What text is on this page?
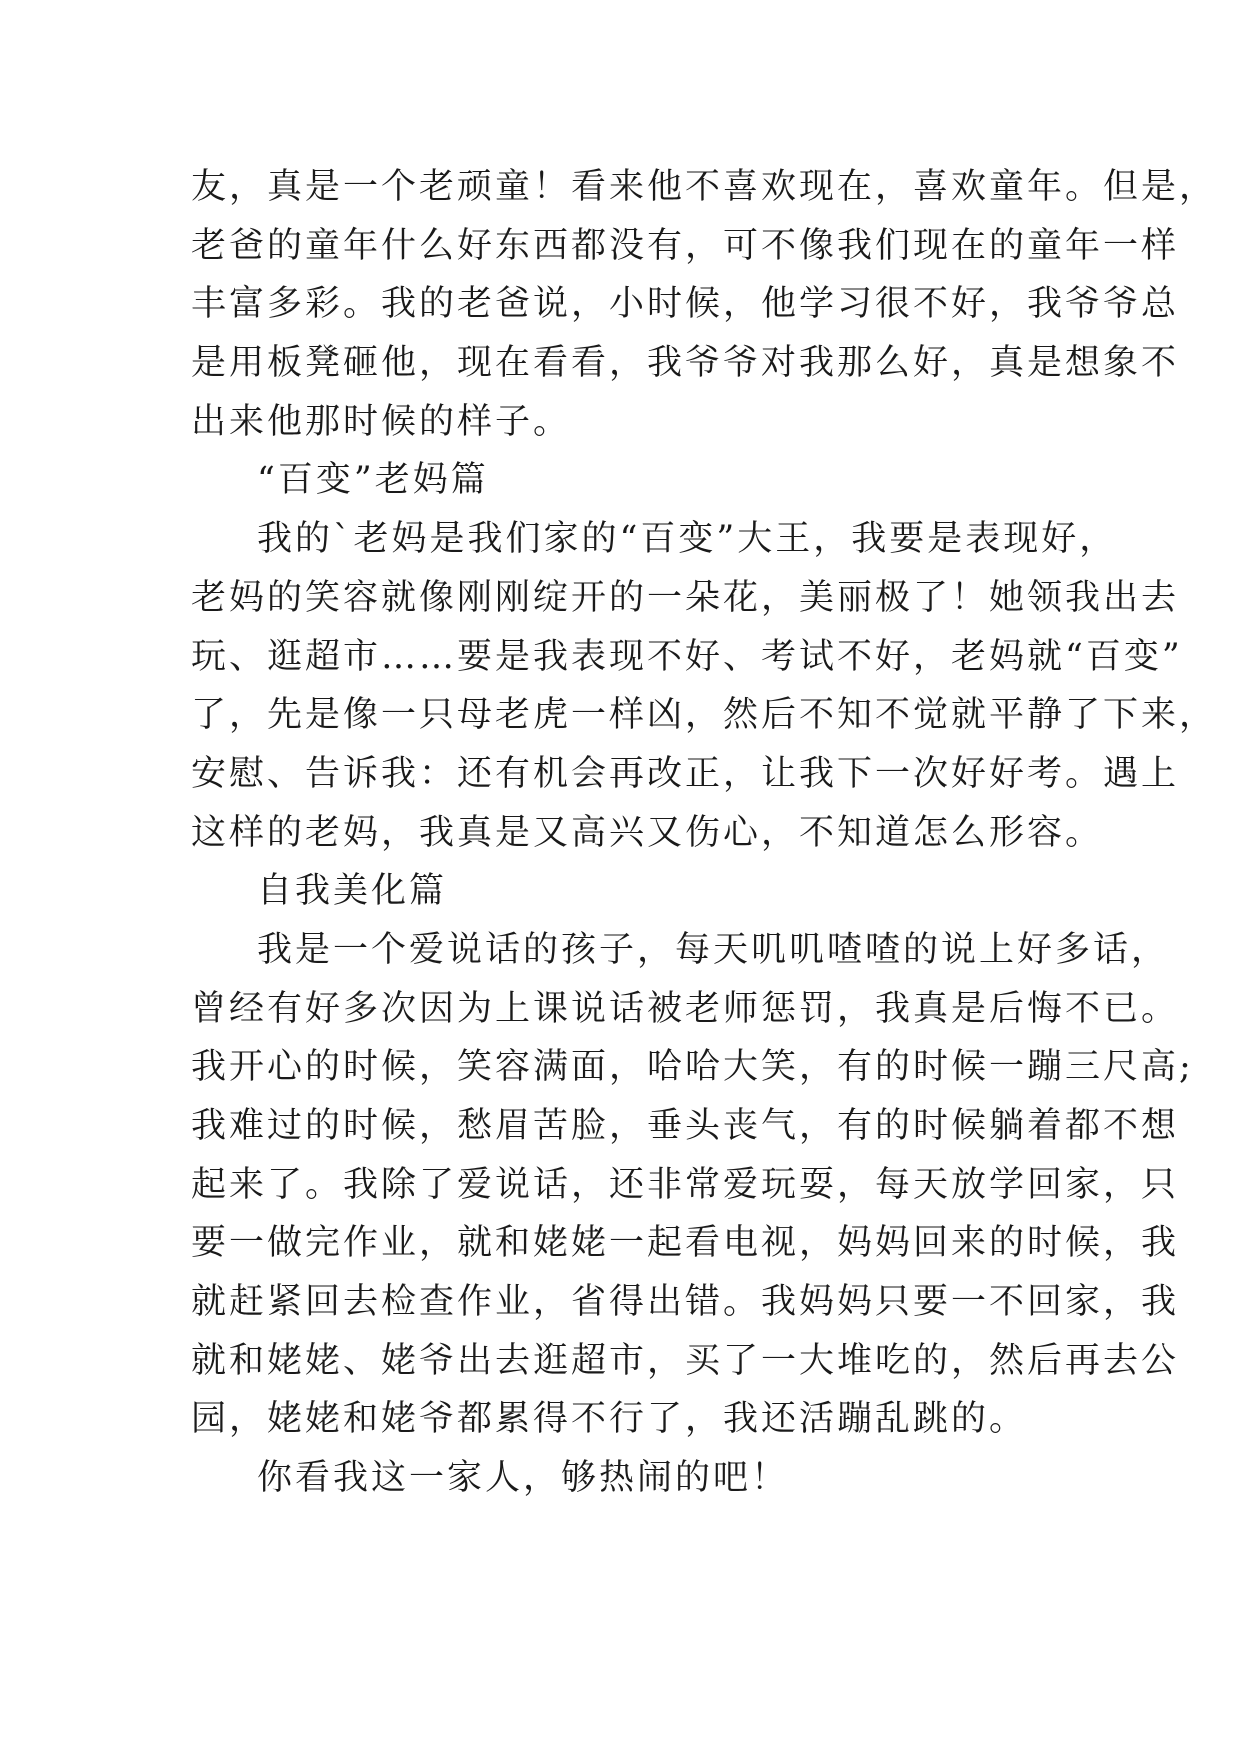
友，真是一个老顽童！看来他不喜欢现在，喜欢童年。但是，
老爸的童年什么好东西都没有，可不像我们现在的童年一样
丰富多彩。我的老爸说，小时候，他学习很不好，我爷爷总
是用板凳砸他，现在看看，我爷爷对我那么好，真是想象不
出来他那时候的样子。
“百变”老妈篇
我的`老妈是我们家的“百变”大王，我要是表现好，
老妈的笑容就像刚刚绽开的一朵花，美丽极了！她领我出去
玩、逛超市……要是我表现不好、考试不好，老妈就“百变”
了，先是像一只母老虎一样凶，然后不知不觉就平静了下来，
安慰、告诉我：还有机会再改正，让我下一次好好考。遇上
这样的老妈，我真是又高兴又伤心，不知道怎么形容。
自我美化篇
我是一个爱说话的孩子，每天叽叽喳喳的说上好多话，
曾经有好多次因为上课说话被老师惩罚，我真是后悔不已。
我开心的时候，笑容满面，哈哈大笑，有的时候一蹦三尺高;
我难过的时候，愁眉苦脸，垂头丧气，有的时候躺着都不想
起来了。我除了爱说话，还非常爱玩耍，每天放学回家，只
要一做完作业，就和姥姥一起看电视，妈妈回来的时候，我
就赶紧回去检查作业，省得出错。我妈妈只要一不回家，我
就和姥姥、姥爷出去逛超市，买了一大堆吃的，然后再去公
园，姥姥和姥爷都累得不行了，我还活蹦乱跳的。
你看我这一家人，够热闹的吧！
